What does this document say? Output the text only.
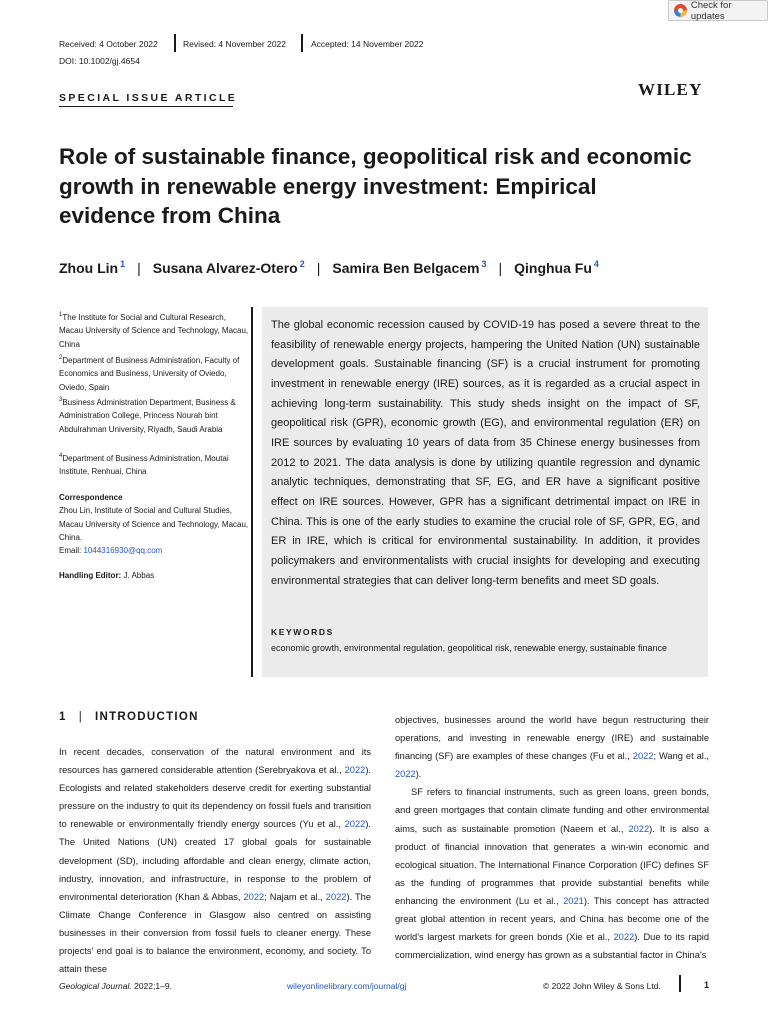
Check for updates
Received: 4 October 2022	Revised: 4 November 2022	Accepted: 14 November 2022
DOI: 10.1002/gj.4654
SPECIAL ISSUE ARTICLE	WILEY
Role of sustainable finance, geopolitical risk and economic growth in renewable energy investment: Empirical evidence from China
Zhou Lin $^1$ | Susana Alvarez-Otero $^2$ | Samira Ben Belgacem $^3$ | Qinghua Fu $^4$
$^1$The Institute for Social and Cultural Research, Macau University of Science and Technology, Macau, China
$^2$Department of Business Administration, Faculty of Economics and Business, University of Oviedo, Oviedo, Spain
$^3$Business Administration Department, Business & Administration College, Princess Nourah bint Abdulrahman University, Riyadh, Saudi Arabia
$^4$Department of Business Administration, Moutai Institute, Renhuai, China
Correspondence
Zhou Lin, Institute of Social and Cultural Studies, Macau University of Science and Technology, Macau, China.
Email: 1044316930@qq.com
Handling Editor: J. Abbas

The global economic recession caused by COVID-19 has posed a severe threat to the feasibility of renewable energy projects, hampering the United Nation (UN) sustainable development goals. Sustainable financing (SF) is a crucial instrument for promoting investment in renewable energy (IRE) sources, as it is regarded as a crucial aspect in achieving long-term sustainability. This study sheds insight on the impact of SF, geopolitical risk (GPR), economic growth (EG), and environmental regulation (ER) on IRE sources by evaluating 10 years of data from 35 Chinese energy businesses from 2012 to 2021. The data analysis is done by utilizing quantile regression and dynamic analytic techniques, demonstrating that SF, EG, and ER have a significant positive effect on IRE sources. However, GPR has a significant detrimental impact on IRE in China. This is one of the early studies to examine the crucial role of SF, GPR, EG, and ER in IRE, which is critical for environmental sustainability. In addition, it provides policymakers and environmentalists with crucial insights for developing and executing environmental strategies that can deliver long-term benefits and meet SD goals.

KEYWORDS
economic growth, environmental regulation, geopolitical risk, renewable energy, sustainable finance
1 | INTRODUCTION

In recent decades, conservation of the natural environment and its resources has garnered considerable attention (Serebryakova et al., 2022). Ecologists and related stakeholders deserve credit for exerting substantial pressure on the industry to quit its dependency on fossil fuels and transition to renewable or environmentally friendly energy sources (Yu et al., 2022). The United Nations (UN) created 17 global goals for sustainable development (SD), including affordable and clean energy, climate action, industry, innovation, and infrastructure, in response to the problem of environmental deterioration (Khan & Abbas, 2022; Najam et al., 2022). The Climate Change Conference in Glasgow also centred on assisting businesses in their conversion from fossil fuels to cleaner energy. These projects' end goal is to balance the environment, economy, and society. To attain these

objectives, businesses around the world have begun restructuring their operations, and investing in renewable energy (IRE) and sustainable financing (SF) are examples of these changes (Fu et al., 2022; Wang et al., 2022).

SF refers to financial instruments, such as green loans, green bonds, and green mortgages that contain climate funding and other environmental aims, such as sustainable promotion (Naeem et al., 2022). It is also a product of financial innovation that generates a win-win economic and ecological situation. The International Finance Corporation (IFC) defines SF as the funding of programmes that provide substantial benefits while enhancing the environment (Lu et al., 2021). This concept has attracted great global attention in recent years, and China has become one of the world's largest markets for green bonds (Xie et al., 2022). Due to its rapid commercialization, wind energy has grown as a substantial factor in China's

Geological Journal. 2022;1–9.	wileyonlinelibrary.com/journal/gj	© 2022 John Wiley & Sons Ltd.	1
